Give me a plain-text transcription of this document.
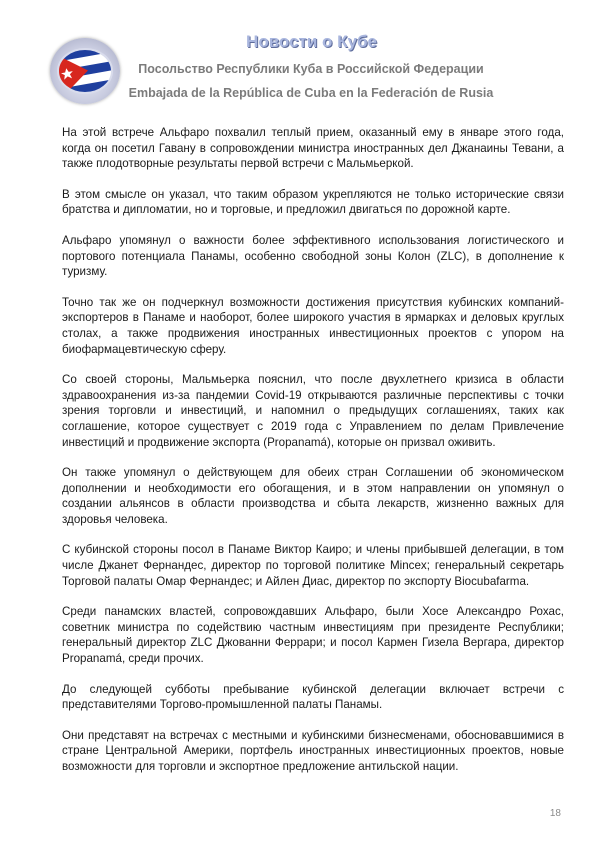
Новости о Кубе
Посольство Республики Куба в Российской Федерации
Embajada de la República de Cuba en la Federación de Rusia

На этой встрече Альфаро похвалил теплый прием, оказанный ему в январе этого года, когда он посетил Гавану в сопровождении министра иностранных дел Джанаины Тевани, а также плодотворные результаты первой встречи с Мальмьеркой.

В этом смысле он указал, что таким образом укрепляются не только исторические связи братства и дипломатии, но и торговые, и предложил двигаться по дорожной карте.

Альфаро упомянул о важности более эффективного использования логистического и портового потенциала Панамы, особенно свободной зоны Колон (ZLC), в дополнение к туризму.

Точно так же он подчеркнул возможности достижения присутствия кубинских компаний-экспортеров в Панаме и наоборот, более широкого участия в ярмарках и деловых круглых столах, а также продвижения иностранных инвестиционных проектов с упором на биофармацевтическую сферу.

Со своей стороны, Мальмьерка пояснил, что после двухлетнего кризиса в области здравоохранения из-за пандемии Covid-19 открываются различные перспективы с точки зрения торговли и инвестиций, и напомнил о предыдущих соглашениях, таких как соглашение, которое существует с 2019 года с Управлением по делам Привлечение инвестиций и продвижение экспорта (Propanamá), которые он призвал оживить.

Он также упомянул о действующем для обеих стран Соглашении об экономическом дополнении и необходимости его обогащения, и в этом направлении он упомянул о создании альянсов в области производства и сбыта лекарств, жизненно важных для здоровья человека.

С кубинской стороны посол в Панаме Виктор Каиро; и члены прибывшей делегации, в том числе Джанет Фернандес, директор по торговой политике Mincex; генеральный секретарь Торговой палаты Омар Фернандес; и Айлен Диас, директор по экспорту Biocubafarma.

Среди панамских властей, сопровождавших Альфаро, были Хосе Александро Рохас, советник министра по содействию частным инвестициям при президенте Республики; генеральный директор ZLC Джованни Феррари; и посол Кармен Гизела Вергара, директор Propanamá, среди прочих.

До следующей субботы пребывание кубинской делегации включает встречи с представителями Торгово-промышленной палаты Панамы.

Они представят на встречах с местными и кубинскими бизнесменами, обосновавшимися в стране Центральной Америки, портфель иностранных инвестиционных проектов, новые возможности для торговли и экспортное предложение антильской нации.

18
